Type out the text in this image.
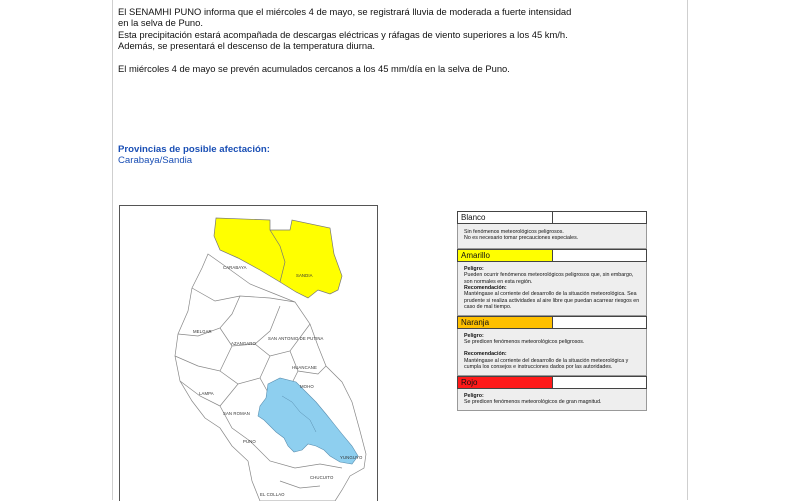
El SENAMHI PUNO informa que el miércoles 4 de mayo, se registrará lluvia de moderada a fuerte intensidad

en la selva de Puno.

Esta precipitación estará acompañada de descargas eléctricas y ráfagas de viento superiores a los 45 km/h.

Además, se presentará el descenso de la temperatura diurna.

El miércoles 4 de mayo se prevén acumulados cercanos a los 45 mm/día en la selva de Puno.

Provincias de posible afectación:
Carabaya/Sandia
CARABAYA
SANDIA
MELGAR
AZANGARO
SAN ANTONIO DE PUTINA
HUANCANE
LAMPA
MOHO
SAN ROMAN
PUNO
CHUCUITO
EL COLLAO
YUNGUYO
Blanco

Sin fenómenos meteorológicos peligrosos.

No es necesario tomar precauciones especiales.

Amarillo

Peligro:

Pueden ocurrir fenómenos meteorológicos peligrosos que, sin embargo, son normales en esta región.

Recomendación:

Manténgase al corriente del desarrollo de la situación meteorológica. Sea prudente si realiza actividades al aire libre que puedan acarrear riesgos en caso de mal tiempo.

Naranja

Peligro:

Se predicen fenómenos meteorológicos peligrosos.

Recomendación:

Manténgase al corriente del desarrollo de la situación meteorológica y cumpla los consejos e instrucciones dados por las autoridades.

Rojo

Peligro:

Se predicen fenómenos meteorológicos de gran magnitud.
